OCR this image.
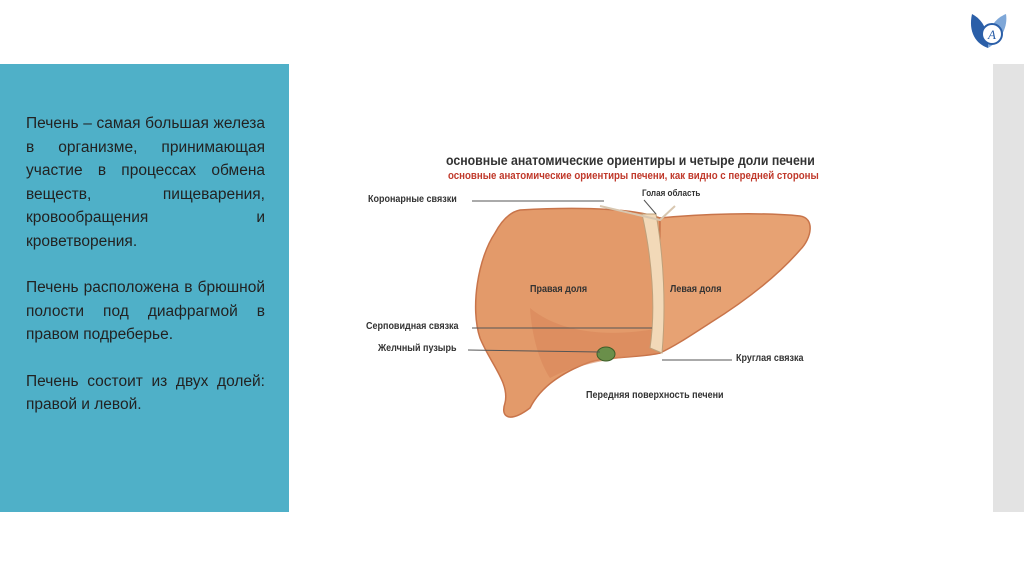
A

Печень – самая большая железа в организме, принимающая участие в процессах обмена веществ, пищеварения, кровообращения и кроветворения.

Печень расположена в брюшной полости под диафрагмой в правом подреберье.

Печень состоит из двух долей: правой и левой.

основные анатомические ориентиры и четыре доли печени
основные анатомические ориентиры печени, как видно с передней стороны
Голая область
Коронарные связки
Правая доля	Левая доля
Серповидная связка
Желчный пузырь
Круглая связка
Передняя поверхность печени
